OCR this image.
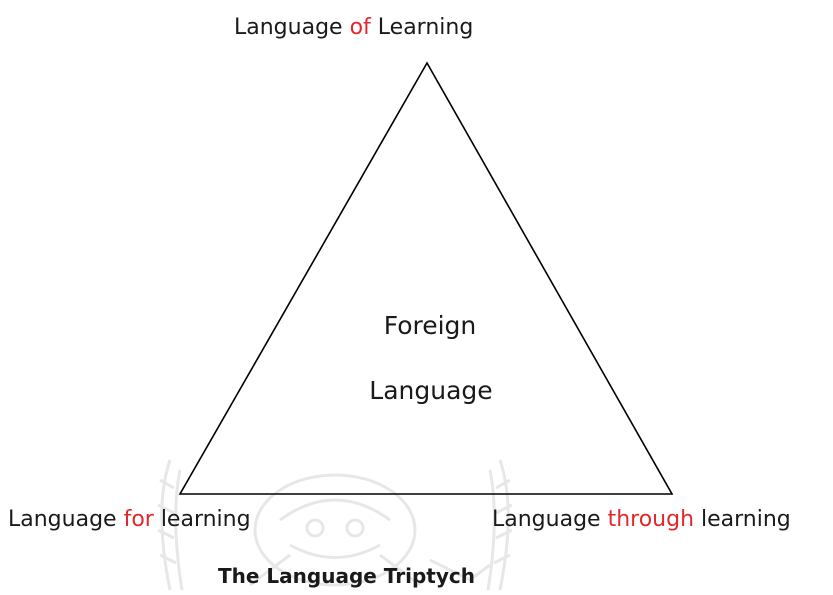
Language of Learning
Language for learning	Language through learning
Foreign
Language
The Language Triptych
